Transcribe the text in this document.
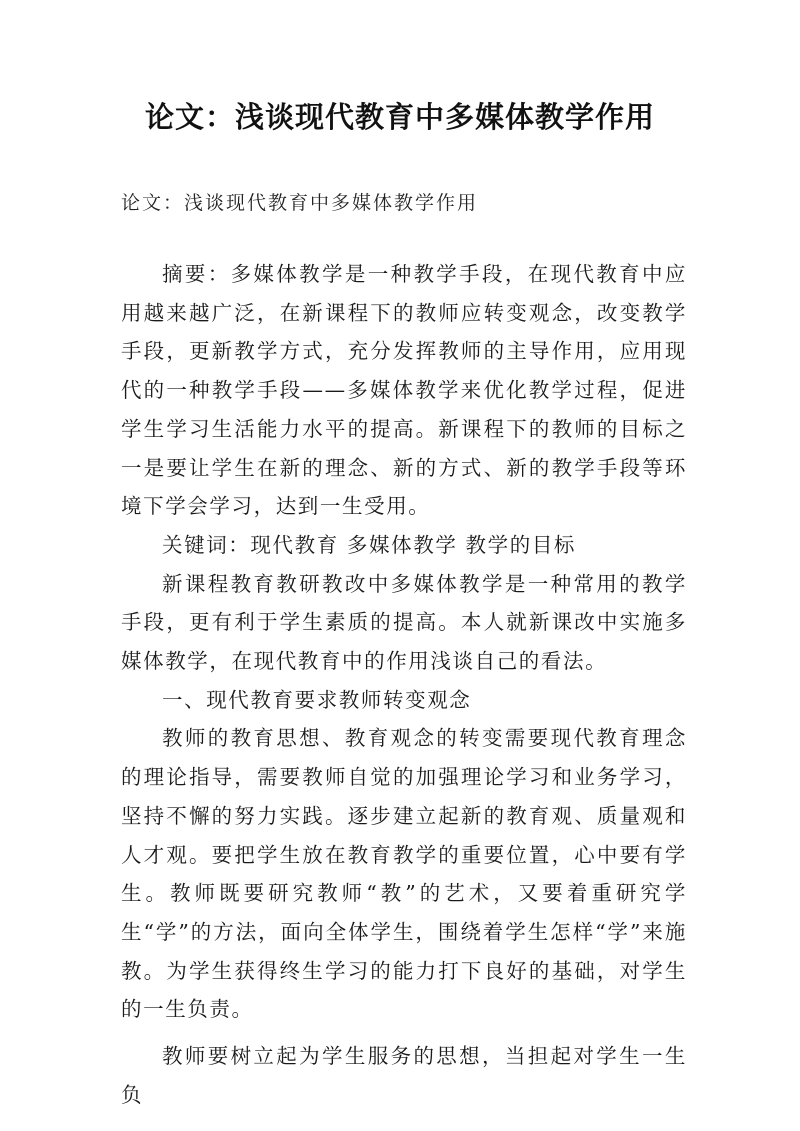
论文：浅谈现代教育中多媒体教学作用
论文：浅谈现代教育中多媒体教学作用

摘要：多媒体教学是一种教学手段，在现代教育中应用越来越广泛，在新课程下的教师应转变观念，改变教学手段，更新教学方式，充分发挥教师的主导作用，应用现代的一种教学手段——多媒体教学来优化教学过程，促进学生学习生活能力水平的提高。新课程下的教师的目标之一是要让学生在新的理念、新的方式、新的教学手段等环境下学会学习，达到一生受用。

关键词：现代教育 多媒体教学 教学的目标

新课程教育教研教改中多媒体教学是一种常用的教学手段，更有利于学生素质的提高。本人就新课改中实施多媒体教学，在现代教育中的作用浅谈自己的看法。

一、现代教育要求教师转变观念

教师的教育思想、教育观念的转变需要现代教育理念的理论指导，需要教师自觉的加强理论学习和业务学习，坚持不懈的努力实践。逐步建立起新的教育观、质量观和人才观。要把学生放在教育教学的重要位置，心中要有学生。教师既要研究教师“教”的艺术，又要着重研究学生“学”的方法，面向全体学生，围绕着学生怎样“学”来施教。为学生获得终生学习的能力打下良好的基础，对学生的一生负责。

教师要树立起为学生服务的思想，当担起对学生一生负
